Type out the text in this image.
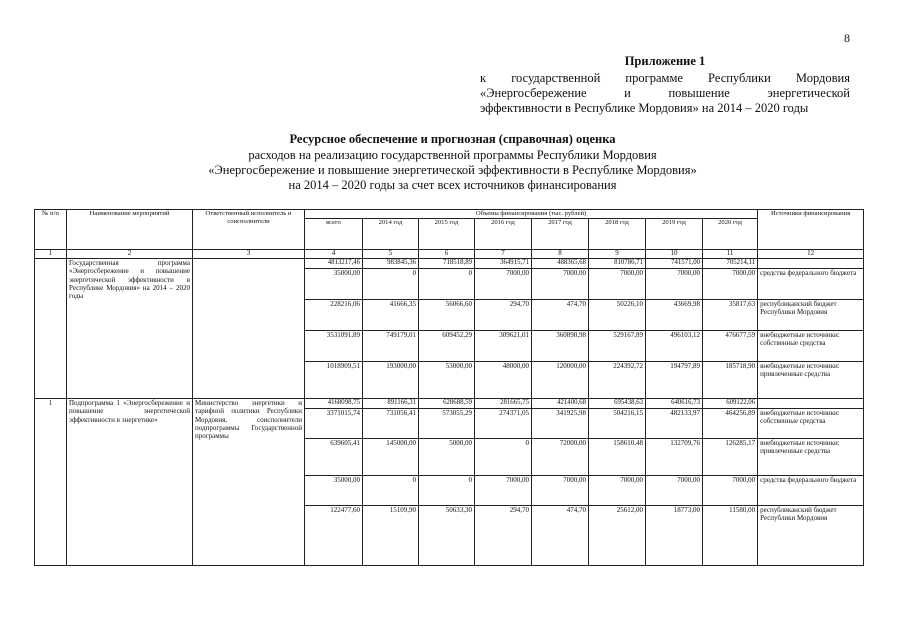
8
Приложение 1
к государственной программе Республики Мордовия
«Энергосбережение и повышение энергетической
эффективности в Республике Мордовия» на 2014 – 2020 годы
Ресурсное обеспечение и прогнозная (справочная) оценка
расходов на реализацию государственной программы Республики Мордовия
«Энергосбережение и повышение энергетической эффективности в Республике Мордовия»
на 2014 – 2020 годы за счет всех источников финансирования
№ п/п	Наименование мероприятий	Ответственный исполнитель и соисполнители	Объемы финансирования (тыс. рублей)								Источники финансирования
			всего	2014 год	2015 год	2016 год	2017 год	2018 год	2019 год	2020 год	
1	2	3	4	5	6	7	8	9	10	11	12
	Государственная программа «Энергосбережение и повышение энергетической эффективности в Республике Мордовия» на 2014 – 2020 годы		4813217,46	983845,36	718518,89	364915,71	488365,68	810786,71	741571,00	705214,11	
			35000,00	0	0	7000,00	7000,00	7000,00	7000,00	7000,00	средства федерального бюджета
			228216,06	41666,35	56066,60	294,70	474,70	50226,10	43669,98	35817,63	республиканский бюджет Республики Мордовия
			3531091,89	749179,01	609452,29	309621,01	360890,98	529167,89	496103,12	476677,59	внебюджетные источники: собственные средства
			1018909,51	193000,00	53000,00	48000,00	120000,00	224392,72	194797,89	185718,90	внебюджетные источники: привлеченные средства
1	Подпрограмма 1 «Энергосбережение и повышение энергетической эффективности в энергетике»	Министерство энергетики и тарифной политики Республики Мордовия, соисполнители подпрограммы Государственной программы	4168098,75	891166,31	628688,59	281665,75	421400,68	695438,63	640616,73	609122,06	
			3371015,74	731056,41	573055,29	274371,05	341925,98	504216,15	482133,97	464256,89	внебюджетные источники: собственные средства
			639605,41	145000,00	5000,00	0	72000,00	158610,48	132709,76	126285,17	внебюджетные источники: привлеченные средства
			35000,00	0	0	7000,00	7000,00	7000,00	7000,00	7000,00	средства федерального бюджета
			122477,60	15109,90	50633,30	294,70	474,70	25612,00	18773,00	11580,00	республиканский бюджет Республики Мордовия
